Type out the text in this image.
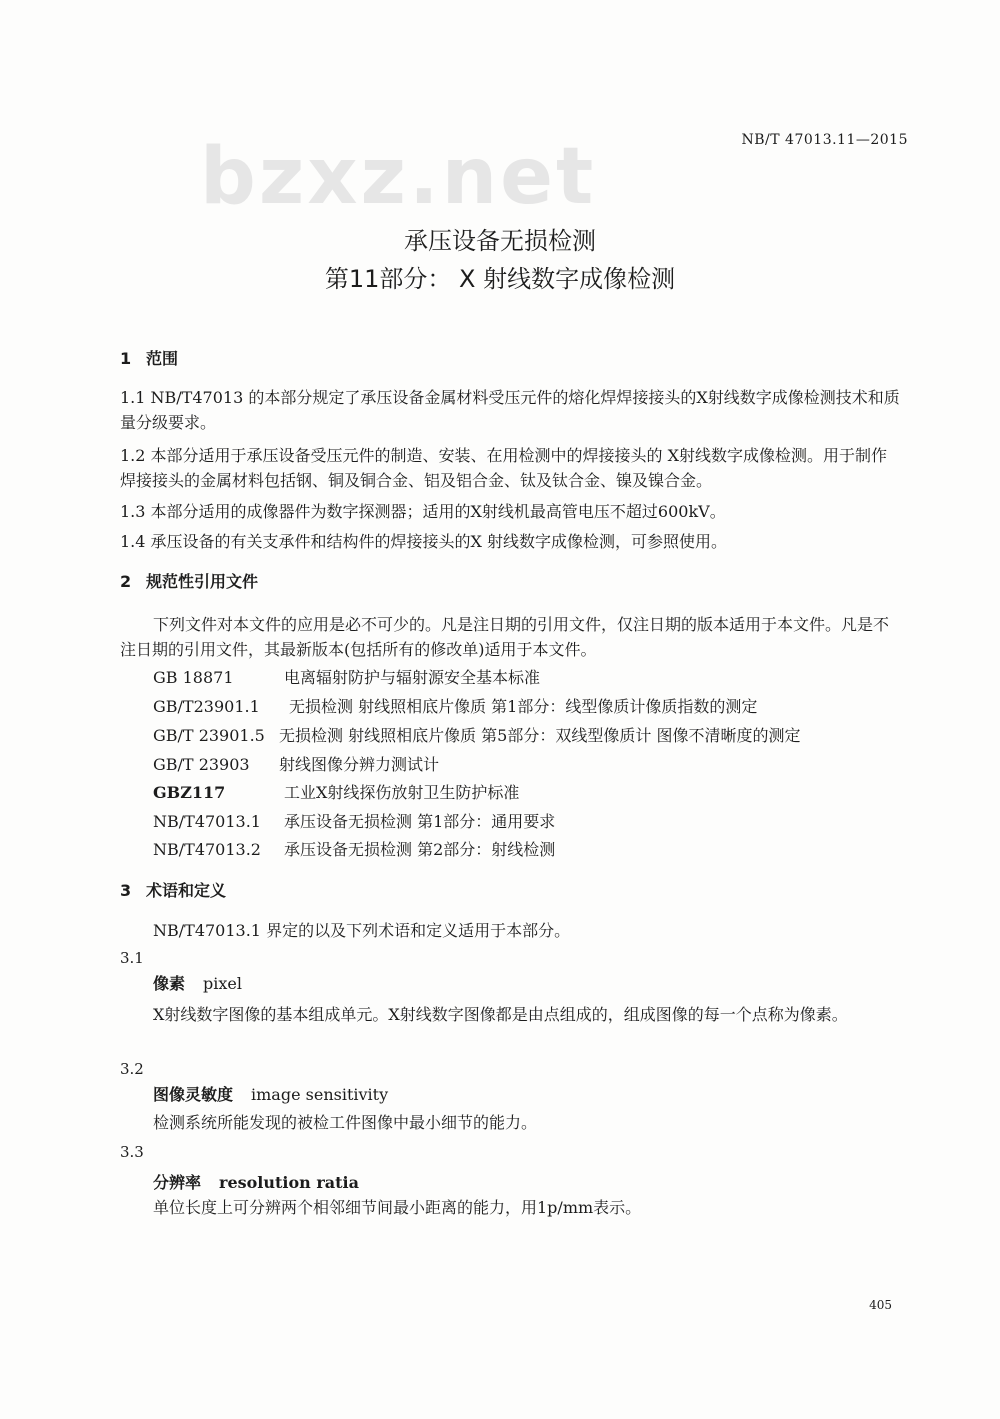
bzxz.net	NB/T 47013.11—2015
承压设备无损检测
第11部分： X 射线数字成像检测
1 范围
1.1 NB/T47013 的本部分规定了承压设备金属材料受压元件的熔化焊焊接接头的X射线数字成像检测技术和质量分级要求。
1.2 本部分适用于承压设备受压元件的制造、安装、在用检测中的焊接接头的 X射线数字成像检测。用于制作焊接接头的金属材料包括钢、铜及铜合金、铝及铝合金、钛及钛合金、镍及镍合金。
1.3 本部分适用的成像器件为数字探测器；适用的X射线机最高管电压不超过600kV。
1.4 承压设备的有关支承件和结构件的焊接接头的X 射线数字成像检测，可参照使用。
2 规范性引用文件
下列文件对本文件的应用是必不可少的。凡是注日期的引用文件，仅注日期的版本适用于本文件。凡是不注日期的引用文件，其最新版本(包括所有的修改单)适用于本文件。
GB 18871	电离辐射防护与辐射源安全基本标准
GB/T23901.1 无损检测 射线照相底片像质 第1部分：线型像质计像质指数的测定
GB/T 23901.5 无损检测 射线照相底片像质 第5部分：双线型像质计 图像不清晰度的测定
GB/T 23903 射线图像分辨力测试计
GBZ117	工业X射线探伤放射卫生防护标准
NB/T47013.1 承压设备无损检测 第1部分：通用要求
NB/T47013.2 承压设备无损检测 第2部分：射线检测
3 术语和定义
NB/T47013.1 界定的以及下列术语和定义适用于本部分。
3.1
像素 pixel
X射线数字图像的基本组成单元。X射线数字图像都是由点组成的，组成图像的每一个点称为像素。
3.2
图像灵敏度 image sensitivity
检测系统所能发现的被检工件图像中最小细节的能力。
3.3
分辨率 resolution ratia
单位长度上可分辨两个相邻细节间最小距离的能力，用1p/mm表示。
405
